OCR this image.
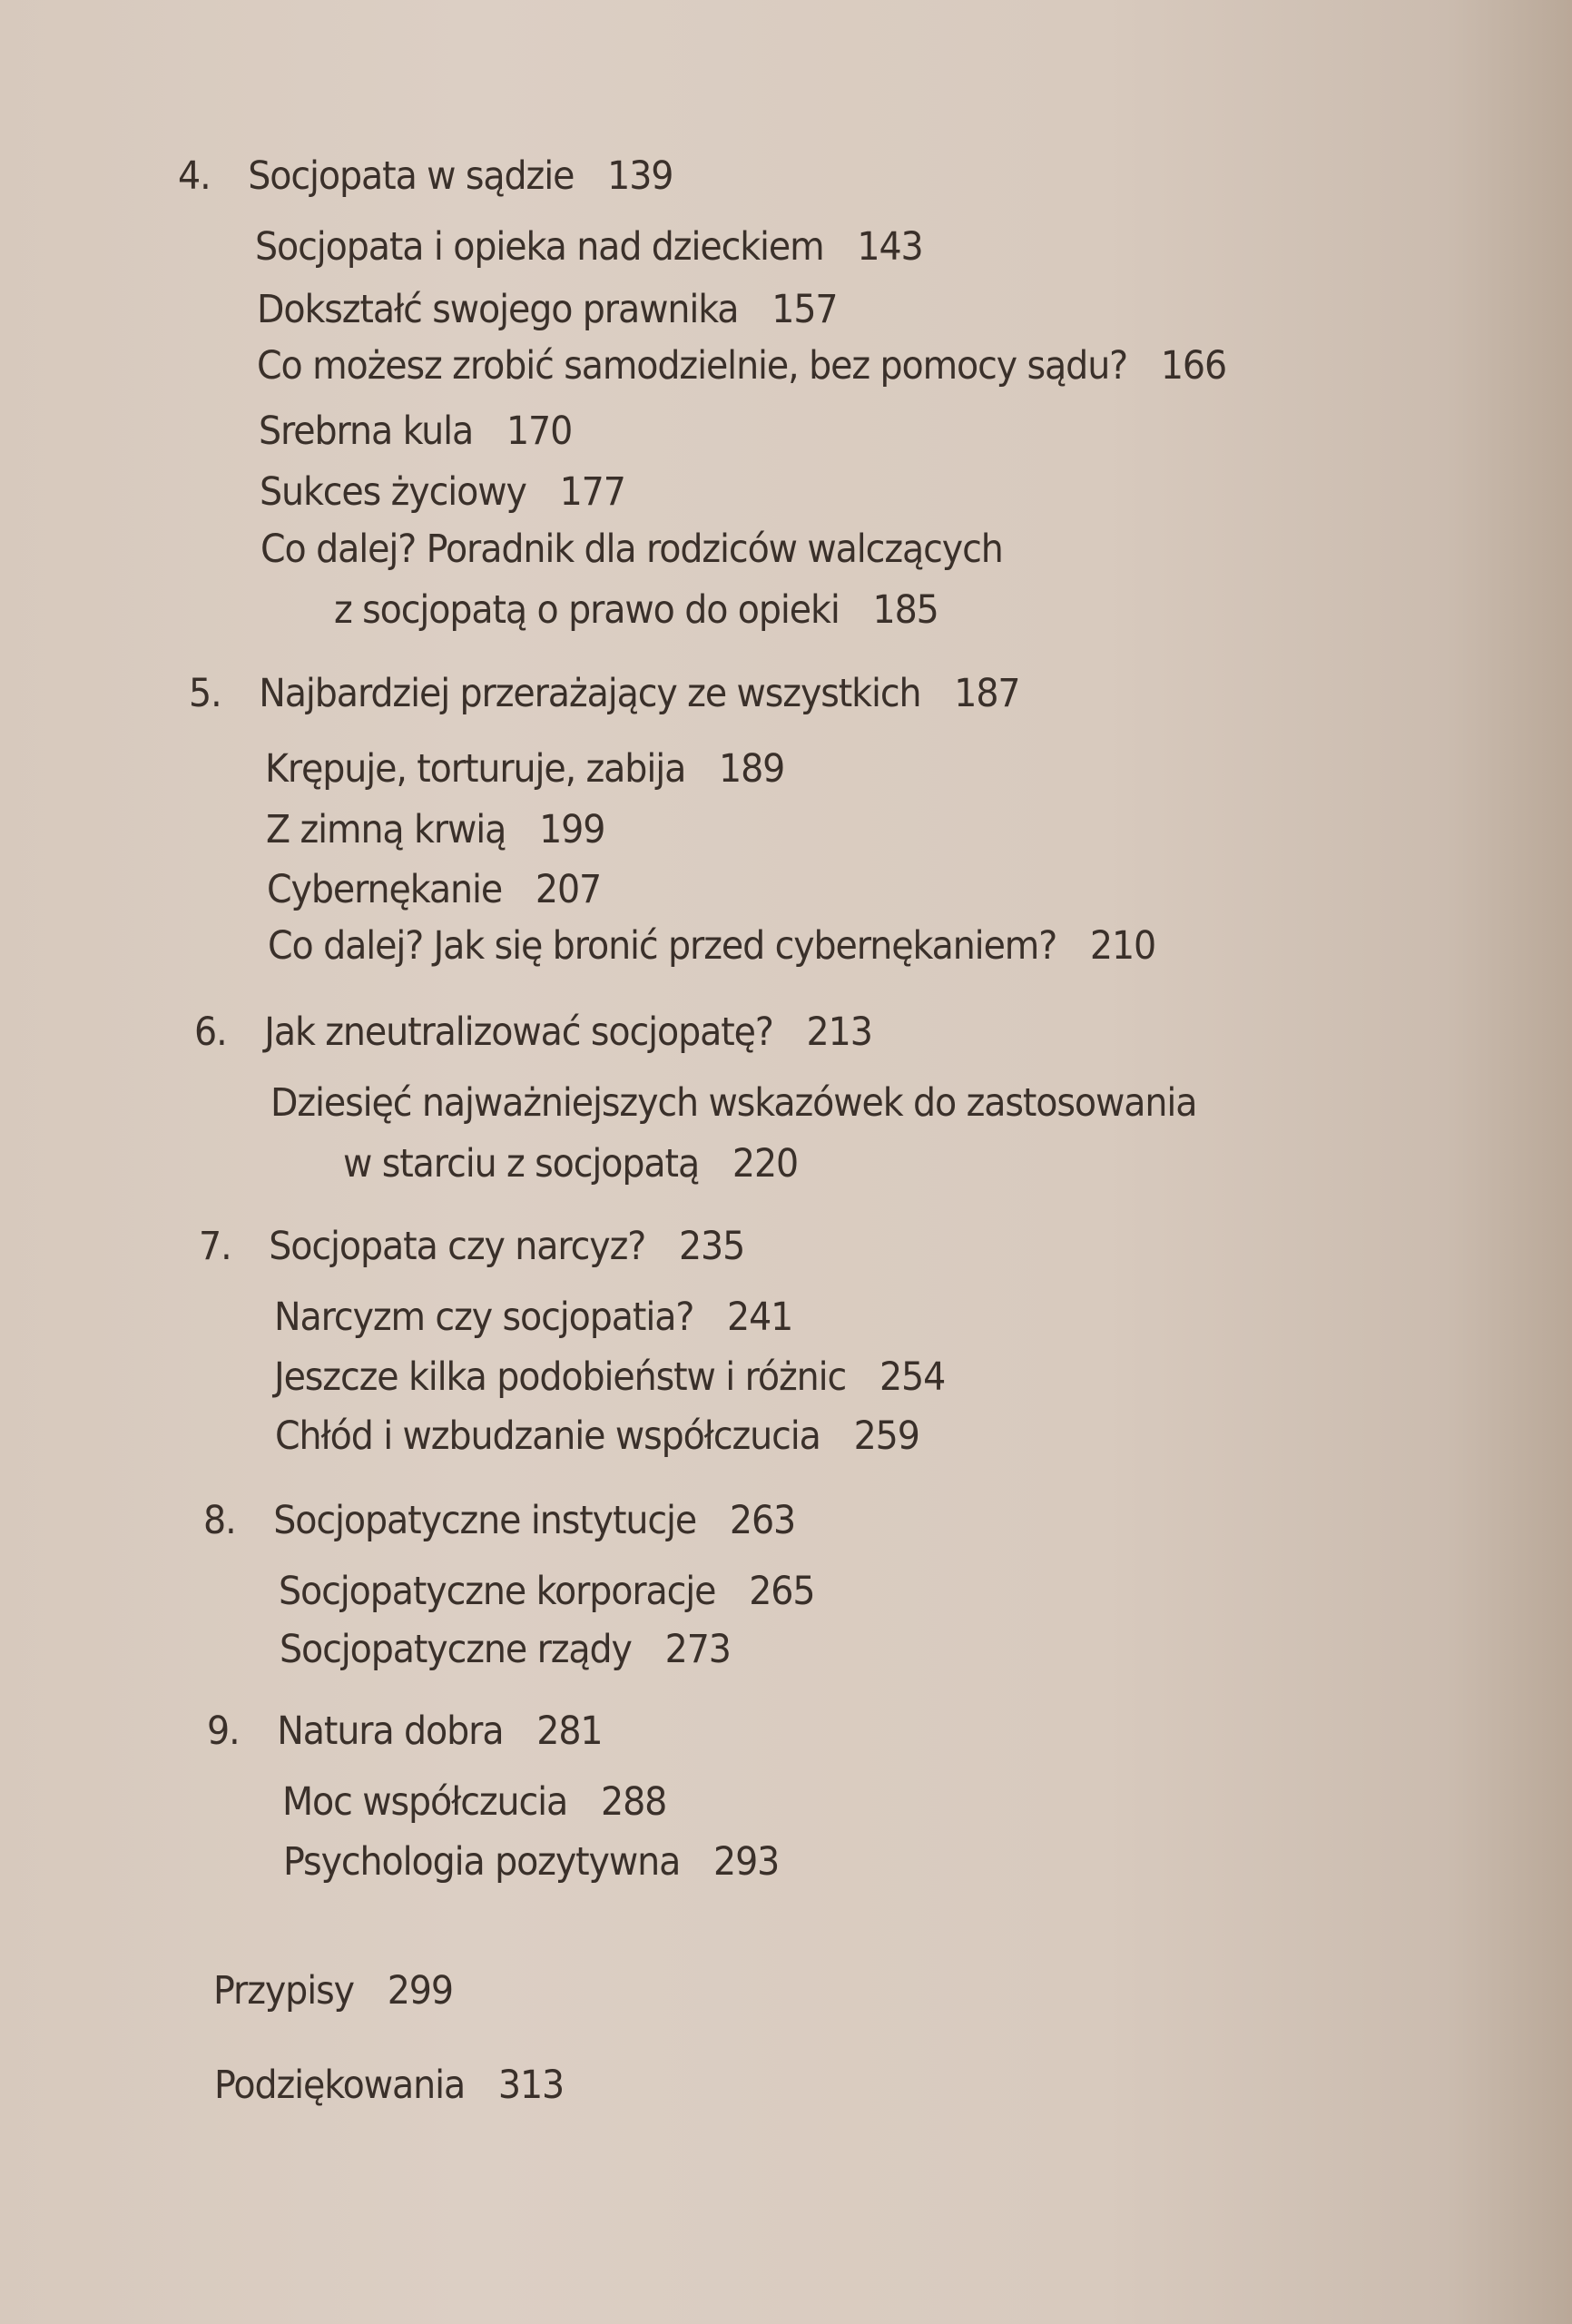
4. Socjopata w sądzie 139
Socjopata i opieka nad dzieckiem 143
Dokształć swojego prawnika 157
Co możesz zrobić samodzielnie, bez pomocy sądu? 166
Srebrna kula 170
Sukces życiowy 177
Co dalej? Poradnik dla rodziców walczących
z socjopatą o prawo do opieki 185
5. Najbardziej przerażający ze wszystkich 187
Krępuje, torturuje, zabija 189
Z zimną krwią 199
Cybernękanie 207
Co dalej? Jak się bronić przed cybernękaniem? 210
6. Jak zneutralizować socjopatę? 213
Dziesięć najważniejszych wskazówek do zastosowania
w starciu z socjopatą 220
7. Socjopata czy narcyz? 235
Narcyzm czy socjopatia? 241
Jeszcze kilka podobieństw i różnic 254
Chłód i wzbudzanie współczucia 259
8. Socjopatyczne instytucje 263
Socjopatyczne korporacje 265
Socjopatyczne rządy 273
9. Natura dobra 281
Moc współczucia 288
Psychologia pozytywna 293
Przypisy 299
Podziękowania 313
